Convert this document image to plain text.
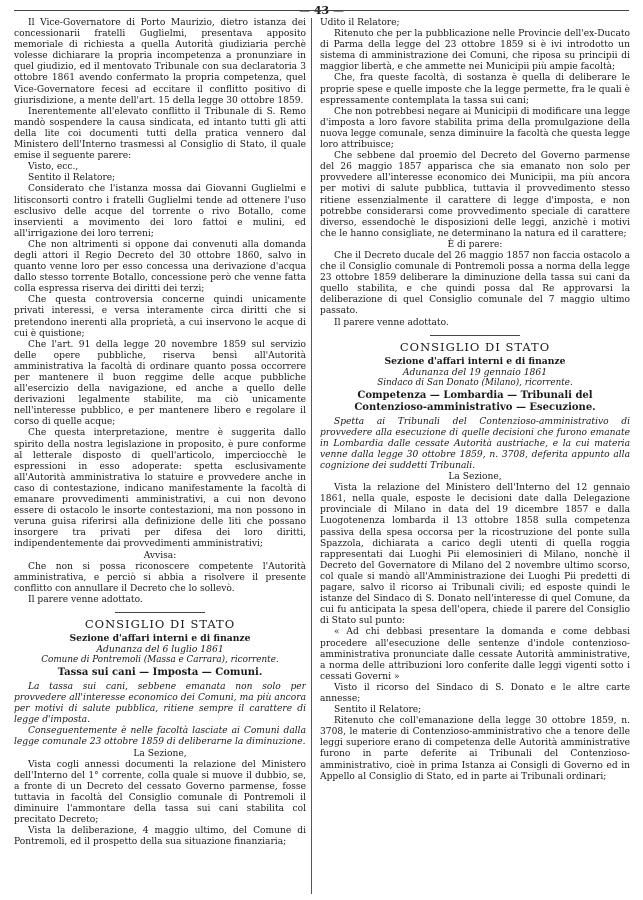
— 43 —

Il Vice-Governatore di Porto Maurizio, dietro istanza dei concessionarii fratelli Guglielmi, presentava apposito memoriale di richiesta a quella Autorità giudiziaria perchè volesse dichiarare la propria incompetenza a pronunziare in quel giudizio, ed il mentovato Tribunale con sua declaratoria 3 ottobre 1861 avendo confermato la propria competenza, quel Vice-Governatore fecesi ad eccitare il conflitto positivo di giurisdizione, a mente dell'art. 15 della legge 30 ottobre 1859.

Inerentemente all'elevato conflitto il Tribunale di S. Remo mandò sospendere la causa sindicata, ed intanto tutti gli atti della lite coi documenti tutti della pratica vennero dal Ministero dell'Interno trasmessi al Consiglio di Stato, il quale emise il seguente parere:

Visto, ecc.,

Sentito il Relatore;

Considerato che l'istanza mossa dai Giovanni Guglielmi e litisconsorti contro i fratelli Guglielmi tende ad ottenere l'uso esclusivo delle acque del torrente o rivo Botallo, come inservienti a movimento dei loro fattoi e mulini, ed all'irrigazione dei loro terreni;

Che non altrimenti si oppone dai convenuti alla domanda degli attori il Regio Decreto del 30 ottobre 1860, salvo in quanto venne loro per esso concessa una derivazione d'acqua dallo stesso torrente Botallo, concessione però che venne fatta colla espressa riserva dei diritti dei terzi;

Che questa controversia concerne quindi unicamente privati interessi, e versa interamente circa diritti che si pretendono inerenti alla proprietà, a cui inservono le acque di cui è quistione;

Che l'art. 91 della legge 20 novembre 1859 sul servizio delle opere pubbliche, riserva bensì all'Autorità amministrativa la facoltà di ordinare quanto possa occorrere per mantenere il buon reggime delle acque pubbliche all'esercizio della navigazione, ed anche a quello delle derivazioni legalmente stabilite, ma ciò unicamente nell'interesse pubblico, e per mantenere libero e regolare il corso di quelle acque;

Che questa interpretazione, mentre è suggerita dallo spirito della nostra legislazione in proposito, è pure conforme al letterale disposto di quell'articolo, imperciocchè le espressioni in esso adoperate: spetta esclusivamente all'Autorità amministrativa lo statuire e provvedere anche in caso di contestazione, indicano manifestamente la facoltà di emanare provvedimenti amministrativi, a cui non devono essere di ostacolo le insorte contestazioni, ma non possono in veruna guisa riferirsi alla definizione delle liti che possano insorgere tra privati per difesa dei loro diritti, indipendentemente dai provvedimenti amministrativi;

Avvisa:

Che non si possa riconoscere competente l'Autorità amministrativa, e perciò si abbia a risolvere il presente conflitto con annullare il Decreto che lo sollevò.

Il parere venne adottato.

CONSIGLIO DI STATO
Sezione d'affari interni e di finanze
Adunanza del 6 luglio 1861
Comune di Pontremoli (Massa e Carrara), ricorrente.
Tassa sui cani — Imposta — Comuni.

La tassa sui cani, sebbene emanata non solo per provvedere all'interesse economico dei Comuni, ma più ancora per motivi di salute pubblica, ritiene sempre il carattere di legge d'imposta.

Conseguentemente è nelle facoltà lasciate ai Comuni dalla legge comunale 23 ottobre 1859 di deliberarne la diminuzione.

La Sezione,

Vista cogli annessi documenti la relazione del Ministero dell'Interno del 1° corrente, colla quale si muove il dubbio, se, a fronte di un Decreto del cessato Governo parmense, fosse tuttavia in facoltà del Consiglio comunale di Pontremoli il diminuire l'ammontare della tassa sui cani stabilita col precitato Decreto;

Vista la deliberazione, 4 maggio ultimo, del Comune di Pontremoli, ed il prospetto della sua situazione finanziaria;

Udito il Relatore;

Ritenuto che per la pubblicazione nelle Provincie dell'ex-Ducato di Parma della legge del 23 ottobre 1859 si è ivi introdotto un sistema di amministrazione dei Comuni, che riposa su principii di maggior libertà, e che ammette nei Municipii più ampie facoltà;

Che, fra queste facoltà, di sostanza è quella di deliberare le proprie spese e quelle imposte che la legge permette, fra le quali è espressamente contemplata la tassa sui cani;

Che non potrebbesi negare ai Municipii di modificare una legge d'imposta a loro favore stabilita prima della promulgazione della nuova legge comunale, senza diminuire la facoltà che questa legge loro attribuisce;

Che sebbene dal proemio del Decreto del Governo parmense del 26 maggio 1857 apparisca che sia emanato non solo per provvedere all'interesse economico dei Municipii, ma più ancora per motivi di salute pubblica, tuttavia il provvedimento stesso ritiene essenzialmente il carattere di legge d'imposta, e non potrebbe considerarsi come provvedimento speciale di carattere diverso, essendochè le disposizioni delle leggi, anzichè i motivi che le hanno consigliate, ne determinano la natura ed il carattere;

È di parere:

Che il Decreto ducale del 26 maggio 1857 non faccia ostacolo a che il Consiglio comunale di Pontremoli possa a norma della legge 23 ottobre 1859 deliberare la diminuzione della tassa sui cani da quello stabilita, e che quindi possa dal Re approvarsi la deliberazione di quel Consiglio comunale del 7 maggio ultimo passato.

Il parere venne adottato.

CONSIGLIO DI STATO
Sezione d'affari interni e di finanze
Adunanza del 19 gennaio 1861
Sindaco di San Donato (Milano), ricorrente.
Competenza — Lombardia — Tribunali del Contenzioso-amministrativo — Esecuzione.

Spetta ai Tribunali del Contenzioso-amministrativo di provvedere alla esecuzione di quelle decisioni che furono emanate in Lombardia dalle cessate Autorità austriache, e la cui materia venne dalla legge 30 ottobre 1859, n. 3708, deferita appunto alla cognizione dei suddetti Tribunali.

La Sezione,

Vista la relazione del Ministero dell'Interno del 12 gennaio 1861, nella quale, esposte le decisioni date dalla Delegazione provinciale di Milano in data del 19 dicembre 1857 e dalla Luogotenenza lombarda il 13 ottobre 1858 sulla competenza passiva della spesa occorsa per la ricostruzione del ponte sulla Spazzola, dichiarata a carico degli utenti di quella roggia rappresentati dai Luoghi Pii elemosinieri di Milano, nonchè il Decreto del Governatore di Milano del 2 novembre ultimo scorso, col quale si mandò all'Amministrazione dei Luoghi Pii predetti di pagare, salvo il ricorso ai Tribunali civili; ed esposte quindi le istanze del Sindaco di S. Donato nell'interesse di quel Comune, da cui fu anticipata la spesa dell'opera, chiede il parere del Consiglio di Stato sul punto:

« Ad chi debbasi presentare la domanda e come debbasi procedere all'esecuzione delle sentenze d'indole contenzioso-amministrativa pronunciate dalle cessate Autorità amministrative, a norma delle attribuzioni loro conferite dalle leggi vigenti sotto i cessati Governi »

Visto il ricorso del Sindaco di S. Donato e le altre carte annesse;

Sentito il Relatore;

Ritenuto che coll'emanazione della legge 30 ottobre 1859, n. 3708, le materie di Contenzioso-amministrativo che a tenore delle leggi superiore erano di competenza delle Autorità amministrative furono in parte deferite ai Tribunali del Contenzioso-amministrativo, cioè in prima Istanza ai Consigli di Governo ed in Appello al Consiglio di Stato, ed in parte ai Tribunali ordinari;
